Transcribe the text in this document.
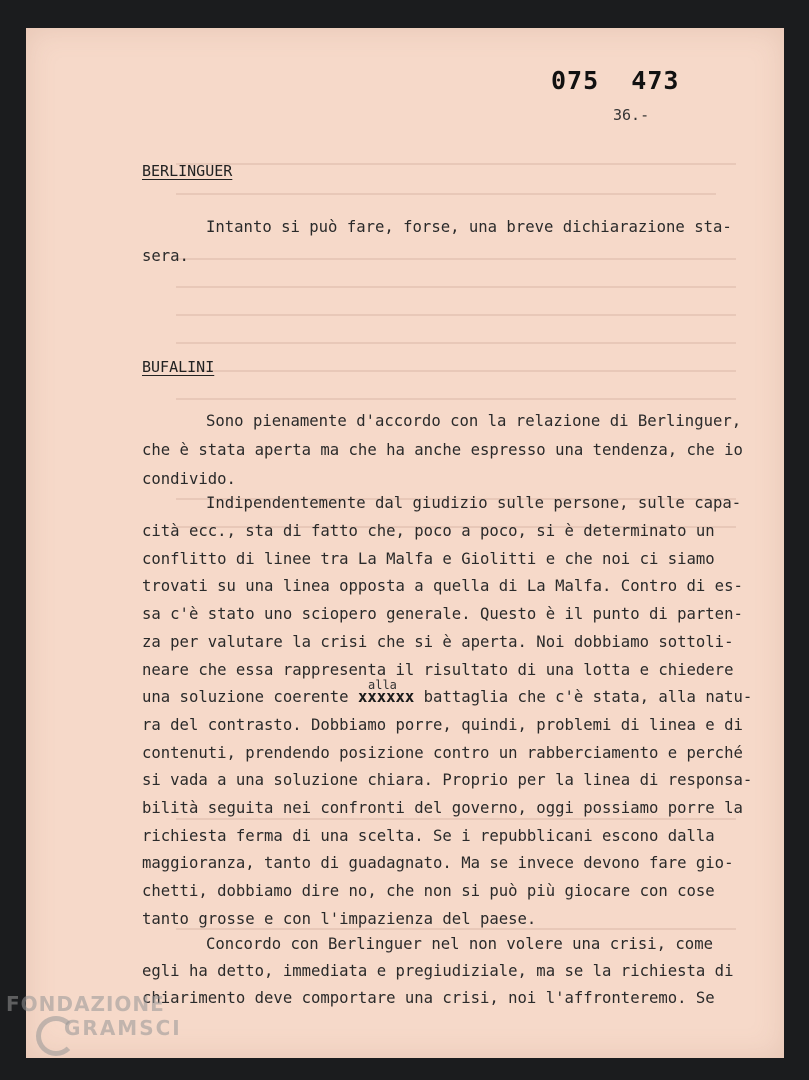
075 473
36.-
BERLINGUER
Intanto si può fare, forse, una breve dichiarazione sta-
sera.
BUFALINI
Sono pienamente d'accordo con la relazione di Berlinguer,
che è stata aperta ma che ha anche espresso una tendenza, che io
condivido.
Indipendentemente dal giudizio sulle persone, sulle capa-
cità ecc., sta di fatto che, poco a poco, si è determinato un
conflitto di linee tra La Malfa e Giolitti e che noi ci siamo
trovati su una linea opposta a quella di La Malfa. Contro di es-
sa c'è stato uno sciopero generale. Questo è il punto di parten-
za per valutare la crisi che si è aperta. Noi dobbiamo sottoli-
neare che essa rappresenta il risultato di una lotta e chiedere
una soluzione coerente xxxxxx battaglia che c'è stata, alla natu-
alla
ra del contrasto. Dobbiamo porre, quindi, problemi di linea e di
contenuti, prendendo posizione contro un rabberciamento e perché
si vada a una soluzione chiara. Proprio per la linea di responsa-
bilità seguita nei confronti del governo, oggi possiamo porre la
richiesta ferma di una scelta. Se i repubblicani escono dalla
maggioranza, tanto di guadagnato. Ma se invece devono fare gio-
chetti, dobbiamo dire no, che non si può più giocare con cose
tanto grosse e con l'impazienza del paese.
Concordo con Berlinguer nel non volere una crisi, come
egli ha detto, immediata e pregiudiziale, ma se la richiesta di
chiarimento deve comportare una crisi, noi l'affronteremo. Se
FONDAZIONE
GRAMSCI
